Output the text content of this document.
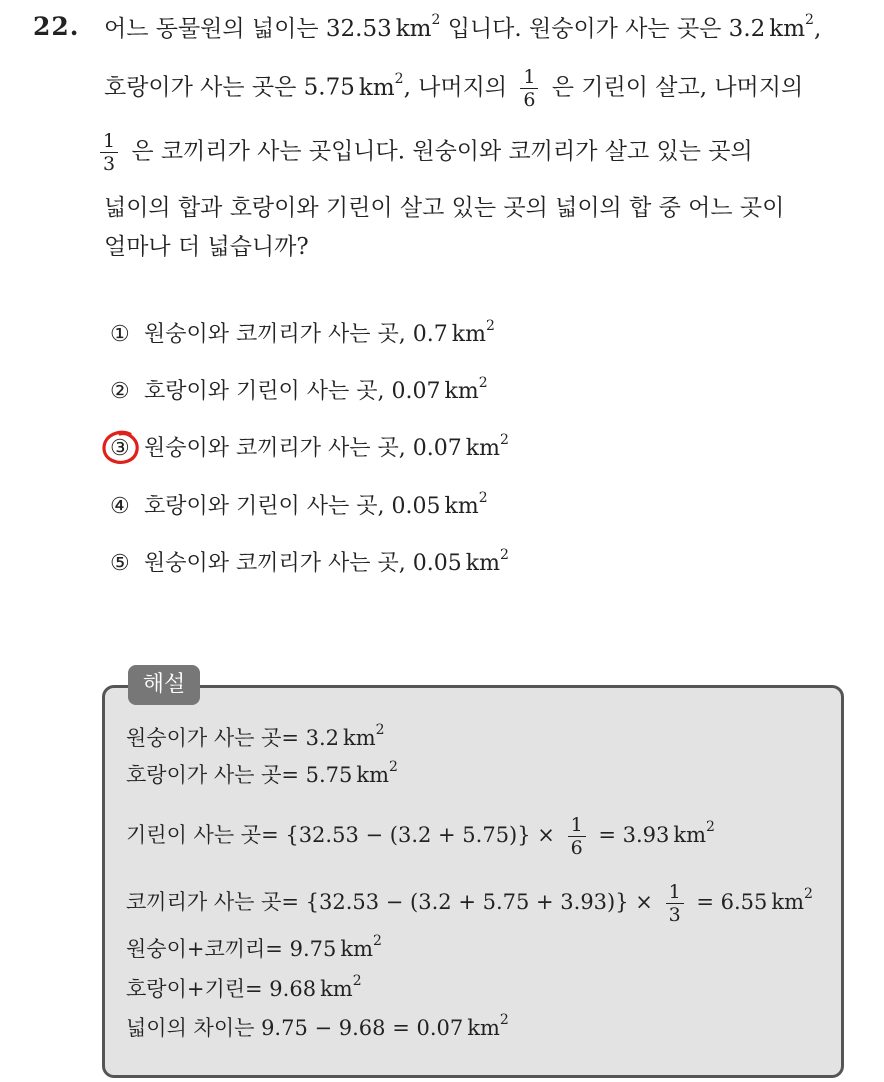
22. 어느 동물원의 넓이는 32.53 $km^2$ 입니다. 원숭이가 사는 곳은 3.2 $km^2$,
호랑이가 사는 곳은 5.75 $km^2$, 나머지의 $\frac{1}{6}$ 은 기린이 살고, 나머지의
$\frac{1}{3}$ 은 코끼리가 사는 곳입니다. 원숭이와 코끼리가 살고 있는 곳의
넓이의 합과 호랑이와 기린이 살고 있는 곳의 넓이의 합 중 어느 곳이
얼마나 더 넓습니까?
① 원숭이와 코끼리가 사는 곳, 0.7 $km^2$
② 호랑이와 기린이 사는 곳, 0.07 $km^2$
③ 원숭이와 코끼리가 사는 곳, 0.07 $km^2$
④ 호랑이와 기린이 사는 곳, 0.05 $km^2$
⑤ 원숭이와 코끼리가 사는 곳, 0.05 $km^2$
해설
원숭이가 사는 곳= 3.2 $km^2$
호랑이가 사는 곳= 5.75 $km^2$
기린이 사는 곳= $\{32.53 - (3.2 + 5.75)\} \times \frac{1}{6} = 3.93$ $km^2$
코끼리가 사는 곳= $\{32.53 - (3.2 + 5.75 + 3.93)\} \times \frac{1}{3} = 6.55$ $km^2$
원숭이+코끼리= 9.75 $km^2$
호랑이+기린= 9.68 $km^2$
넓이의 차이는 9.75 − 9.68 = 0.07 $km^2$
